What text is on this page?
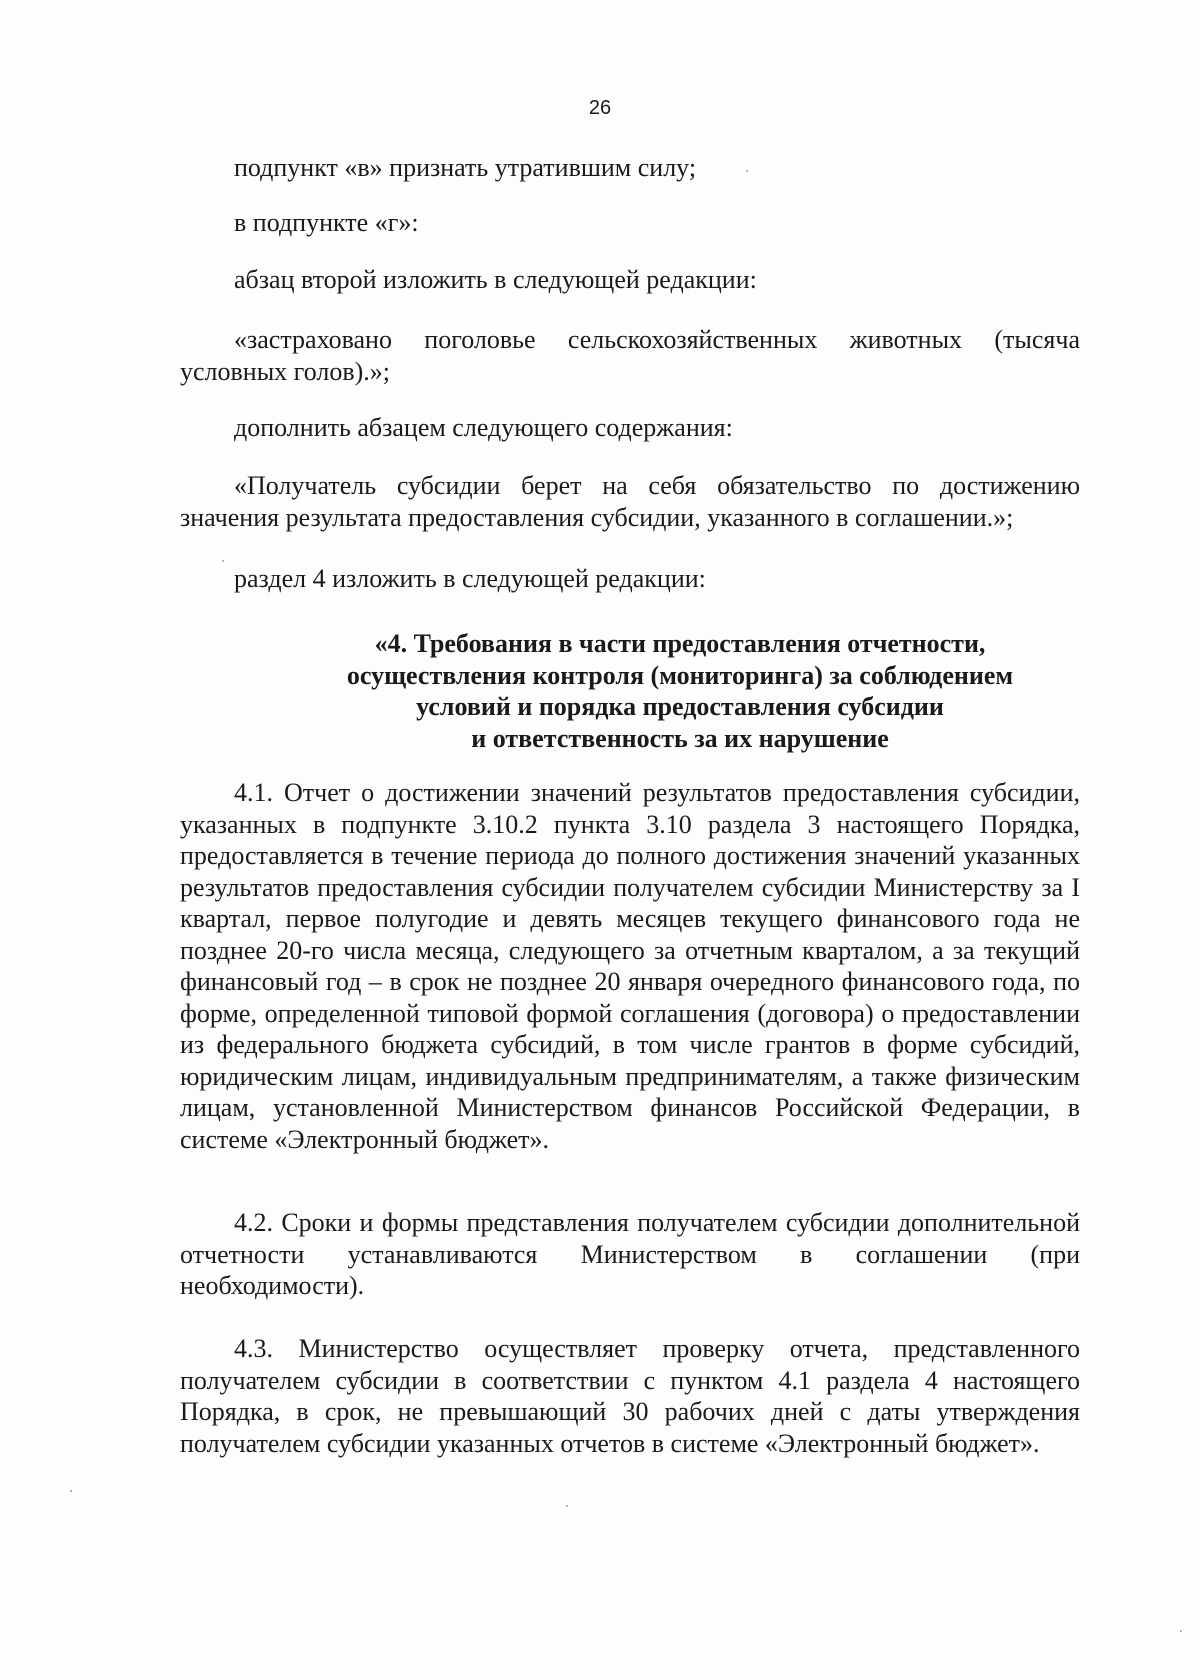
26

подпункт «в» признать утратившим силу;

в подпункте «г»:

абзац второй изложить в следующей редакции:

«застраховано поголовье сельскохозяйственных животных (тысяча условных голов).»;

дополнить абзацем следующего содержания:

«Получатель субсидии берет на себя обязательство по достижению значения результата предоставления субсидии, указанного в соглашении.»;

раздел 4 изложить в следующей редакции:

«4. Требования в части предоставления отчетности,
осуществления контроля (мониторинга) за соблюдением
условий и порядка предоставления субсидии
и ответственность за их нарушение

4.1. Отчет о достижении значений результатов предоставления субсидии, указанных в подпункте 3.10.2 пункта 3.10 раздела 3 настоящего Порядка, предоставляется в течение периода до полного достижения значений указанных результатов предоставления субсидии получателем субсидии Министерству за I квартал, первое полугодие и девять месяцев текущего финансового года не позднее 20-го числа месяца, следующего за отчетным кварталом, а за текущий финансовый год – в срок не позднее 20 января очередного финансового года, по форме, определенной типовой формой соглашения (договора) о предоставлении из федерального бюджета субсидий, в том числе грантов в форме субсидий, юридическим лицам, индивидуальным предпринимателям, а также физическим лицам, установленной Министерством финансов Российской Федерации, в системе «Электронный бюджет».

4.2. Сроки и формы представления получателем субсидии дополнительной отчетности устанавливаются Министерством в соглашении (при необходимости).

4.3. Министерство осуществляет проверку отчета, представленного получателем субсидии в соответствии с пунктом 4.1 раздела 4 настоящего Порядка, в срок, не превышающий 30 рабочих дней с даты утверждения получателем субсидии указанных отчетов в системе «Электронный бюджет».
